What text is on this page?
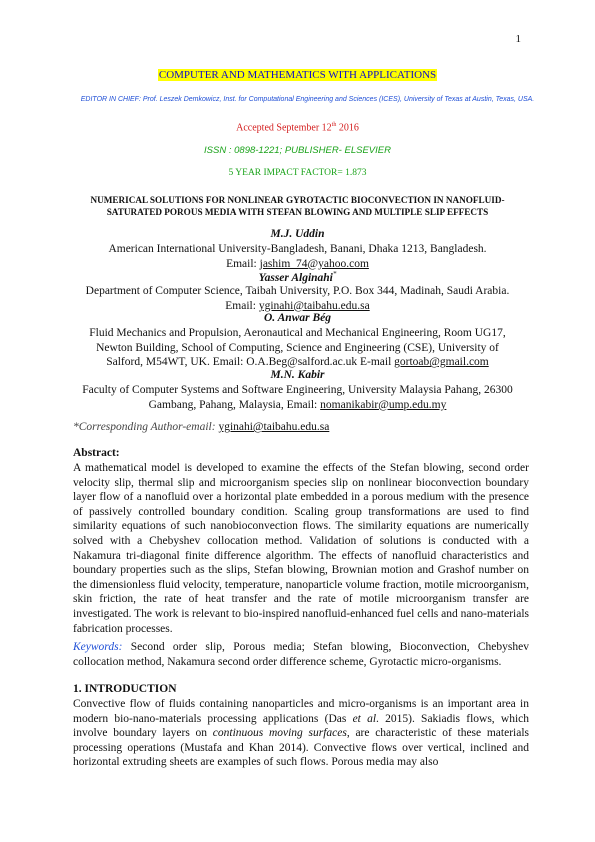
1
COMPUTER AND MATHEMATICS WITH APPLICATIONS
EDITOR IN CHIEF: Prof. Leszek Demkowicz, Inst. for Computational Engineering and Sciences (ICES), University of Texas at Austin, Texas, USA.
Accepted September 12th 2016
ISSN : 0898-1221; PUBLISHER- ELSEVIER
5 YEAR IMPACT FACTOR= 1.873
NUMERICAL SOLUTIONS FOR NONLINEAR GYROTACTIC BIOCONVECTION IN NANOFLUID-
SATURATED POROUS MEDIA WITH STEFAN BLOWING AND MULTIPLE SLIP EFFECTS
M.J. Uddin
American International University-Bangladesh, Banani, Dhaka 1213, Bangladesh.
Email: jashim_74@yahoo.com
Yasser Alginahi*
Department of Computer Science, Taibah University, P.O. Box 344, Madinah, Saudi Arabia.
Email: yginahi@taibahu.edu.sa
O. Anwar Bég
Fluid Mechanics and Propulsion, Aeronautical and Mechanical Engineering, Room UG17,
Newton Building, School of Computing, Science and Engineering (CSE), University of
Salford, M54WT, UK. Email: O.A.Beg@salford.ac.uk E-mail gortoab@gmail.com
M.N. Kabir
Faculty of Computer Systems and Software Engineering, University Malaysia Pahang, 26300
Gambang, Pahang, Malaysia, Email: nomanikabir@ump.edu.my
*Corresponding Author-email: yginahi@taibahu.edu.sa
Abstract:
A mathematical model is developed to examine the effects of the Stefan blowing, second order velocity slip, thermal slip and microorganism species slip on nonlinear bioconvection boundary layer flow of a nanofluid over a horizontal plate embedded in a porous medium with the presence of passively controlled boundary condition. Scaling group transformations are used to find similarity equations of such nanobioconvection flows. The similarity equations are numerically solved with a Chebyshev collocation method. Validation of solutions is conducted with a Nakamura tri-diagonal finite difference algorithm. The effects of nanofluid characteristics and boundary properties such as the slips, Stefan blowing, Brownian motion and Grashof number on the dimensionless fluid velocity, temperature, nanoparticle volume fraction, motile microorganism, skin friction, the rate of heat transfer and the rate of motile microorganism transfer are investigated. The work is relevant to bio-inspired nanofluid-enhanced fuel cells and nano-materials fabrication processes.
Keywords: Second order slip, Porous media; Stefan blowing, Bioconvection, Chebyshev collocation method, Nakamura second order difference scheme, Gyrotactic micro-organisms.
1. INTRODUCTION
Convective flow of fluids containing nanoparticles and micro-organisms is an important area in modern bio-nano-materials processing applications (Das et al. 2015). Sakiadis flows, which involve boundary layers on continuous moving surfaces, are characteristic of these materials processing operations (Mustafa and Khan 2014). Convective flows over vertical, inclined and horizontal extruding sheets are examples of such flows. Porous media may also
